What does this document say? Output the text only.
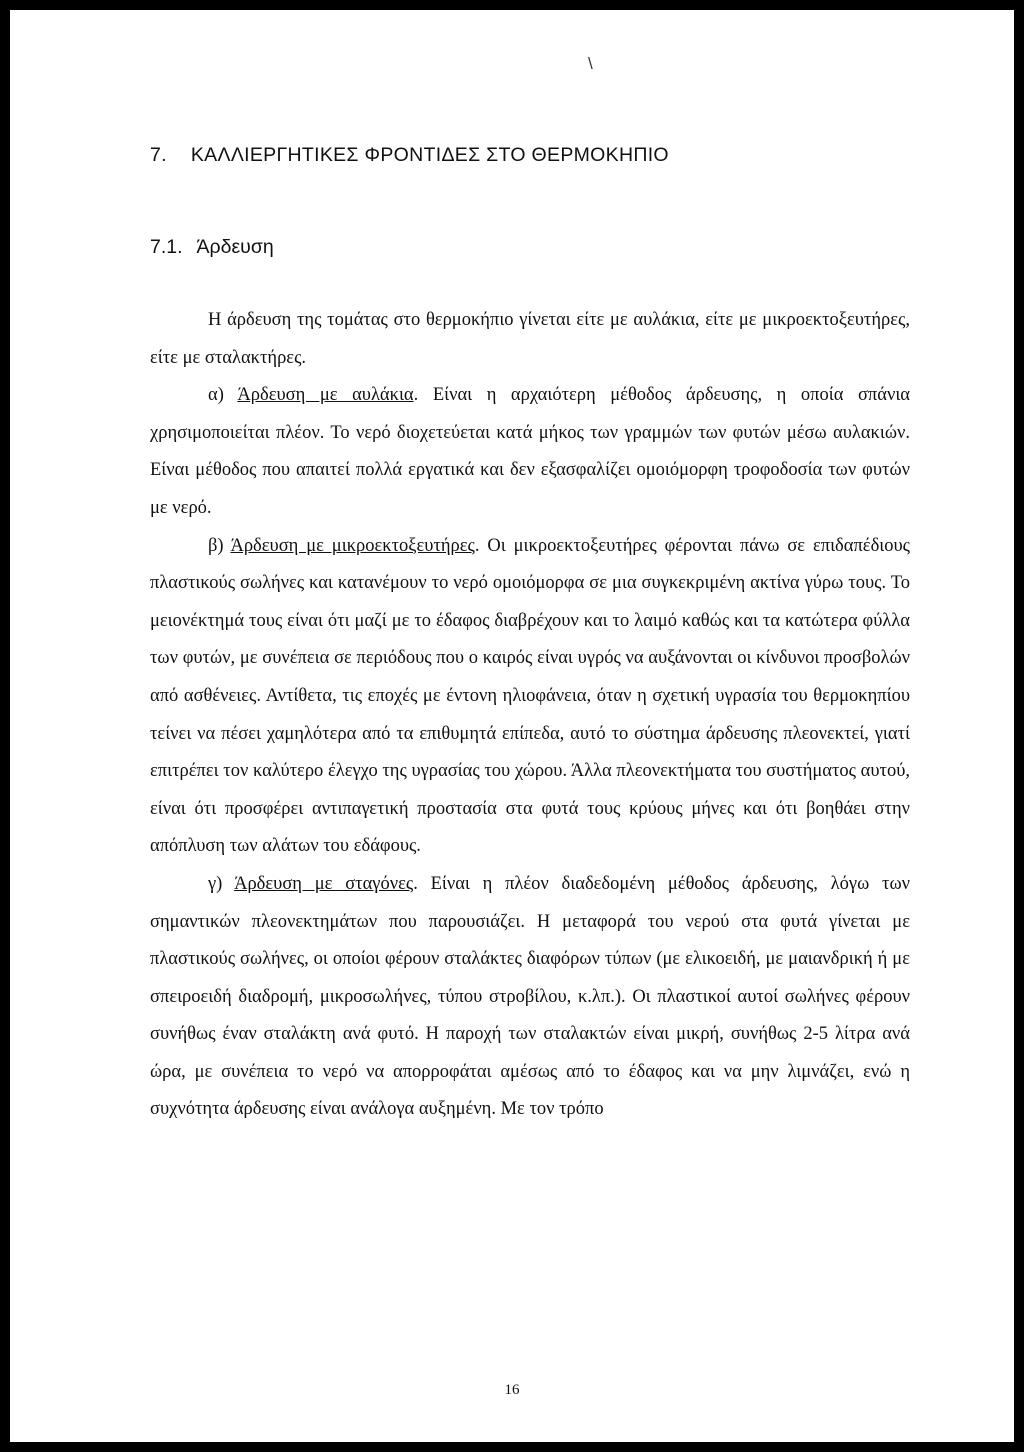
\
7. ΚΑΛΛΙΕΡΓΗΤΙΚΕΣ ΦΡΟΝΤΙΔΕΣ ΣΤΟ ΘΕΡΜΟΚΗΠΙΟ
7.1. Άρδευση

Η άρδευση της τομάτας στο θερμοκήπιο γίνεται είτε με αυλάκια, είτε με μικροεκτοξευτήρες, είτε με σταλακτήρες.

α) Άρδευση με αυλάκια. Είναι η αρχαιότερη μέθοδος άρδευσης, η οποία σπάνια χρησιμοποιείται πλέον. Το νερό διοχετεύεται κατά μήκος των γραμμών των φυτών μέσω αυλακιών. Είναι μέθοδος που απαιτεί πολλά εργατικά και δεν εξασφαλίζει ομοιόμορφη τροφοδοσία των φυτών με νερό.

β) Άρδευση με μικροεκτοξευτήρες. Οι μικροεκτοξευτήρες φέρονται πάνω σε επιδαπέδιους πλαστικούς σωλήνες και κατανέμουν το νερό ομοιόμορφα σε μια συγκεκριμένη ακτίνα γύρω τους. Το μειονέκτημά τους είναι ότι μαζί με το έδαφος διαβρέχουν και το λαιμό καθώς και τα κατώτερα φύλλα των φυτών, με συνέπεια σε περιόδους που ο καιρός είναι υγρός να αυξάνονται οι κίνδυνοι προσβολών από ασθένειες. Αντίθετα, τις εποχές με έντονη ηλιοφάνεια, όταν η σχετική υγρασία του θερμοκηπίου τείνει να πέσει χαμηλότερα από τα επιθυμητά επίπεδα, αυτό το σύστημα άρδευσης πλεονεκτεί, γιατί επιτρέπει τον καλύτερο έλεγχο της υγρασίας του χώρου. Άλλα πλεονεκτήματα του συστήματος αυτού, είναι ότι προσφέρει αντιπαγετική προστασία στα φυτά τους κρύους μήνες και ότι βοηθάει στην απόπλυση των αλάτων του εδάφους.

γ) Άρδευση με σταγόνες. Είναι η πλέον διαδεδομένη μέθοδος άρδευσης, λόγω των σημαντικών πλεονεκτημάτων που παρουσιάζει. Η μεταφορά του νερού στα φυτά γίνεται με πλαστικούς σωλήνες, οι οποίοι φέρουν σταλάκτες διαφόρων τύπων (με ελικοειδή, με μαιανδρική ή με σπειροειδή διαδρομή, μικροσωλήνες, τύπου στροβίλου, κ.λπ.). Οι πλαστικοί αυτοί σωλήνες φέρουν συνήθως έναν σταλάκτη ανά φυτό. Η παροχή των σταλακτών είναι μικρή, συνήθως 2-5 λίτρα ανά ώρα, με συνέπεια το νερό να απορροφάται αμέσως από το έδαφος και να μην λιμνάζει, ενώ η συχνότητα άρδευσης είναι ανάλογα αυξημένη. Με τον τρόπο

16
